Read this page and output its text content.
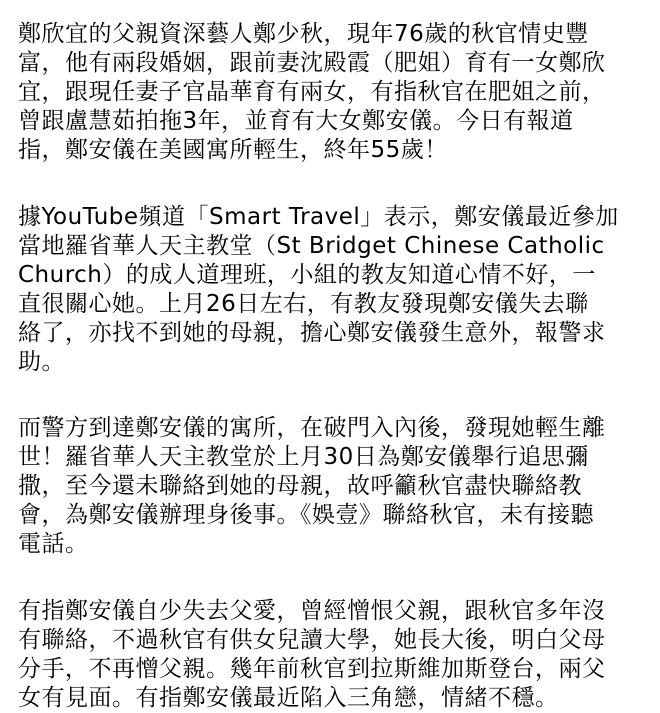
鄭欣宜的父親資深藝人鄭少秋，現年76歲的秋官情史豐
富，他有兩段婚姻，跟前妻沈殿霞（肥姐）育有一女鄭欣
宜，跟現任妻子官晶華育有兩女，有指秋官在肥姐之前，
曾跟盧慧茹拍拖3年，並育有大女鄭安儀。今日有報道
指，鄭安儀在美國寓所輕生，終年55歲！

據YouTube頻道「Smart Travel」表示，鄭安儀最近參加
當地羅省華人天主教堂（St Bridget Chinese Catholic
Church）的成人道理班，小組的教友知道心情不好，一
直很關心她。上月26日左右，有教友發現鄭安儀失去聯
絡了，亦找不到她的母親，擔心鄭安儀發生意外，報警求
助。

而警方到達鄭安儀的寓所，在破門入內後，發現她輕生離
世！羅省華人天主教堂於上月30日為鄭安儀舉行追思彌
撒，至今還未聯絡到她的母親，故呼籲秋官盡快聯絡教
會，為鄭安儀辦理身後事。《娛壹》聯絡秋官，未有接聽
電話。

有指鄭安儀自少失去父愛，曾經憎恨父親，跟秋官多年沒
有聯絡，不過秋官有供女兒讀大學，她長大後，明白父母
分手，不再憎父親。幾年前秋官到拉斯維加斯登台，兩父
女有見面。有指鄭安儀最近陷入三角戀，情緒不穩。
